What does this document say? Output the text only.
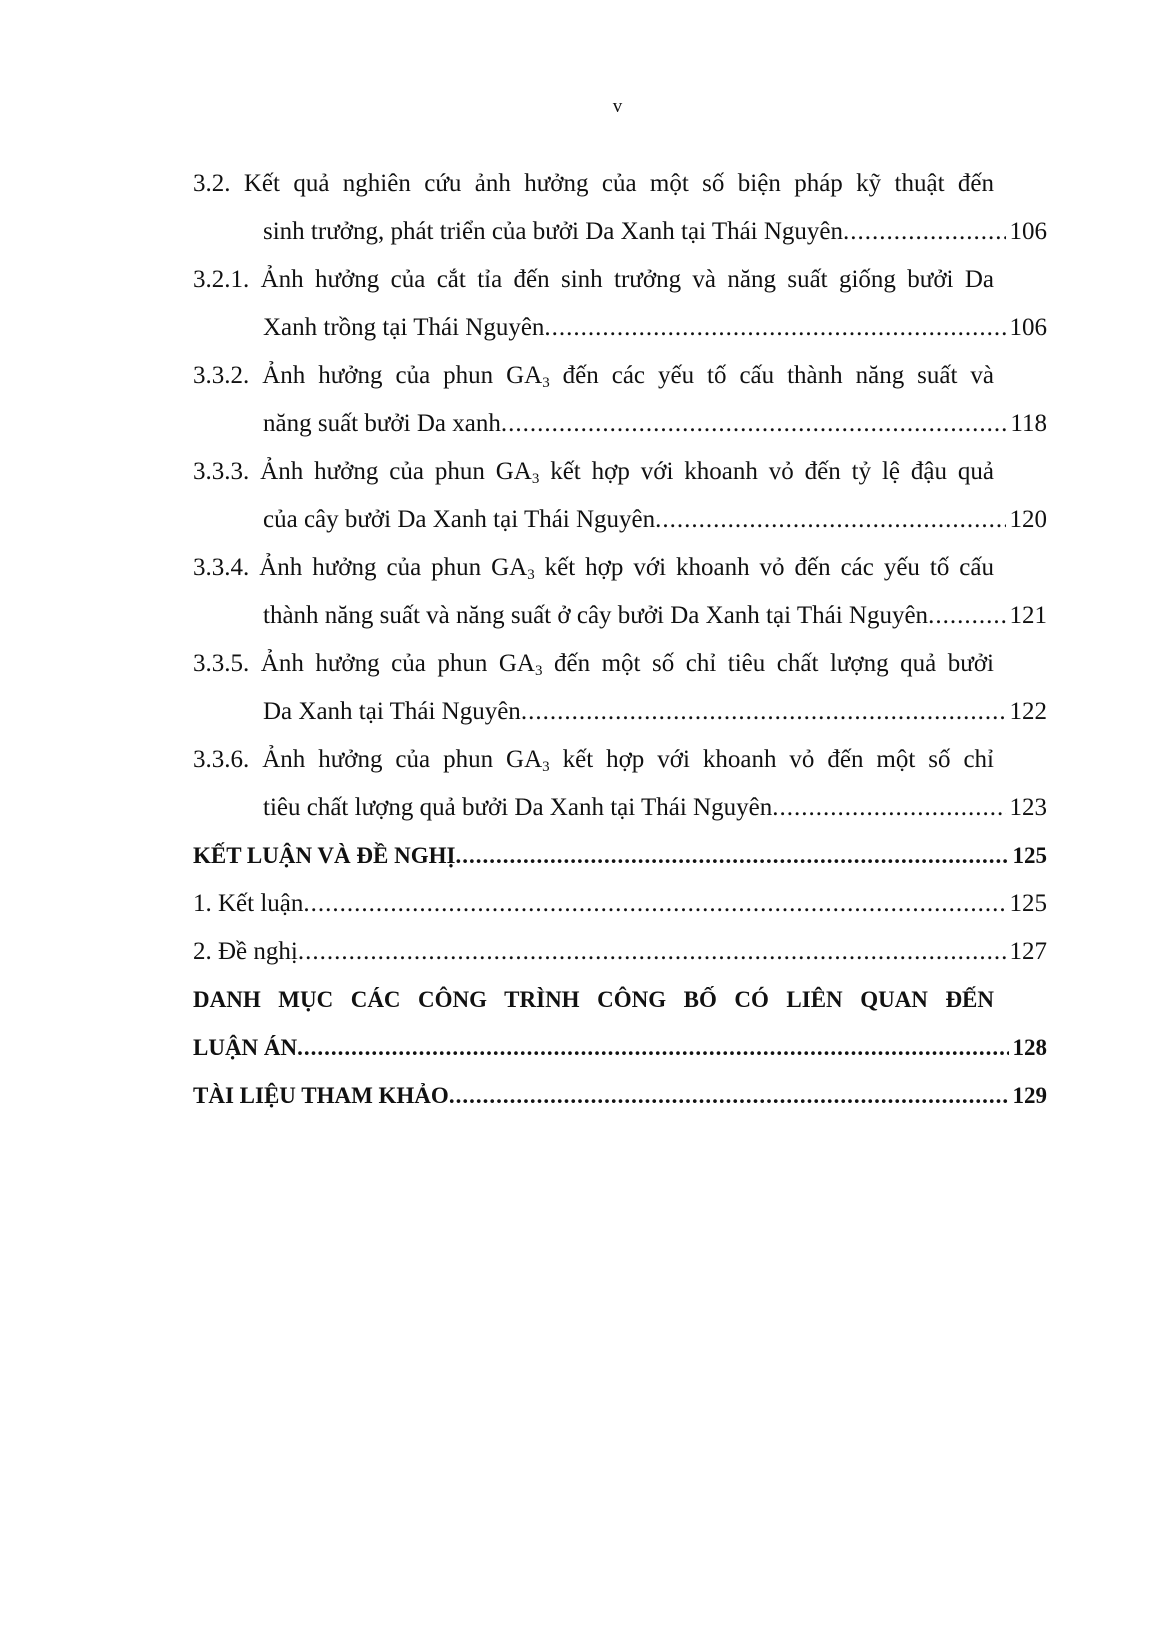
v
3.2. Kết quả nghiên cứu ảnh hưởng của một số biện pháp kỹ thuật đến
sinh trưởng, phát triển của bưởi Da Xanh tại Thái Nguyên .....	106
3.2.1. Ảnh hưởng của cắt tỉa đến sinh trưởng và năng suất giống bưởi Da
Xanh trồng tại Thái Nguyên .....	106
3.3.2. Ảnh hưởng của phun $GA_3$ đến các yếu tố cấu thành năng suất và
năng suất bưởi Da xanh .....	118
3.3.3. Ảnh hưởng của phun $GA_3$ kết hợp với khoanh vỏ đến tỷ lệ đậu quả
của cây bưởi Da Xanh tại Thái Nguyên .....	120
3.3.4. Ảnh hưởng của phun $GA_3$ kết hợp với khoanh vỏ đến các yếu tố cấu
thành năng suất và năng suất ở cây bưởi Da Xanh tại Thái Nguyên .....	121
3.3.5. Ảnh hưởng của phun $GA_3$ đến một số chỉ tiêu chất lượng quả bưởi
Da Xanh tại Thái Nguyên .....	122
3.3.6. Ảnh hưởng của phun $GA_3$ kết hợp với khoanh vỏ đến một số chỉ
tiêu chất lượng quả bưởi Da Xanh tại Thái Nguyên .....	123
KẾT LUẬN VÀ ĐỀ NGHỊ .....	125
1. Kết luận .....	125
2. Đề nghị .....	127
DANH MỤC CÁC CÔNG TRÌNH CÔNG BỐ CÓ LIÊN QUAN ĐẾN
LUẬN ÁN .....	128
TÀI LIỆU THAM KHẢO .....	129
